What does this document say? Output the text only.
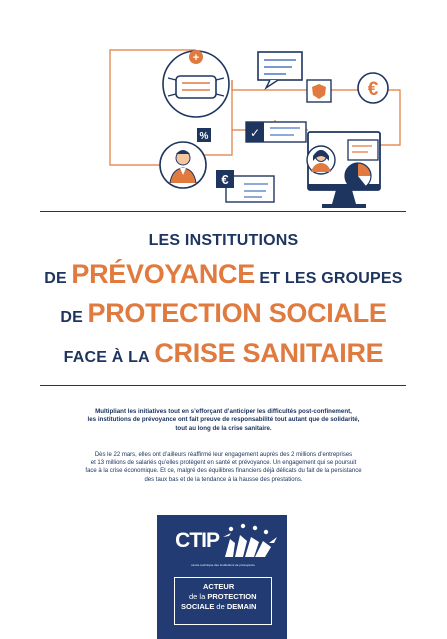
+
€
%	✓
€
LES INSTITUTIONS
DE PRÉVOYANCE ET LES GROUPES
DE PROTECTION SOCIALE
FACE À LA CRISE SANITAIRE
Multipliant les initiatives tout en s’efforçant d’anticiper les difficultés post-confinement,
les institutions de prévoyance ont fait preuve de responsabilité tout autant que de solidarité,
tout au long de la crise sanitaire.
Dès le 22 mars, elles ont d’ailleurs réaffirmé leur engagement auprès des 2 millions d’entreprises
et 13 millions de salariés qu’elles protègent en santé et prévoyance. Un engagement qui se poursuit
face à la crise économique. Et ce, malgré des équilibres financiers déjà délicats du fait de la persistance
des taux bas et de la tendance à la hausse des prestations.
CTIP
centre technique des institutions de prévoyance
ACTEUR
de la PROTECTION
SOCIALE de DEMAIN
